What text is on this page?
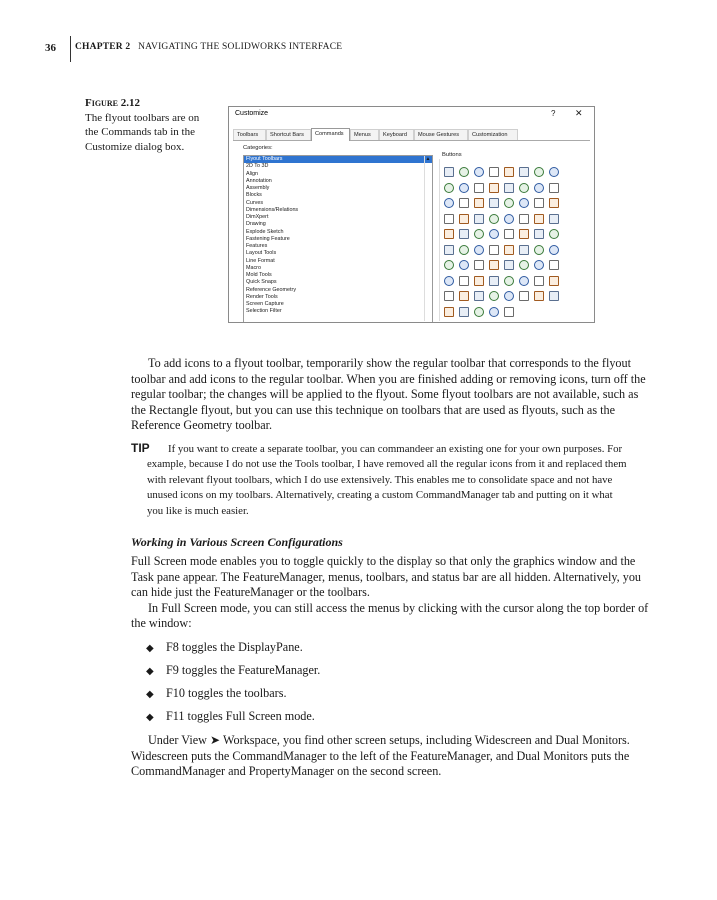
36 CHAPTER 2 NAVIGATING THE SOLIDWORKS INTERFACE
Figure 2.12
The flyout toolbars are on the Commands tab in the Customize dialog box.
Customize	? ✕
Toolbars	Shortcut Bars	Commands	Menus	Keyboard	Mouse Gestures	Customization
Categories:
Flyout Toolbars
2D To 3D
Align
Annotation
Assembly
Blocks
Curves
Dimensions/Relations
DimXpert
Drawing
Explode Sketch
Fastening Feature
Features
Layout Tools
Line Format
Macro
Mold Tools
Quick Snaps
Reference Geometry
Render Tools
Screen Capture
Selection Filter
▲
Buttons

To add icons to a flyout toolbar, temporarily show the regular toolbar that corresponds to the flyout toolbar and add icons to the regular toolbar. When you are finished adding or removing icons, turn off the regular toolbar; the changes will be applied to the flyout. Some flyout toolbars are not available, such as the Rectangle flyout, but you can use this technique on toolbars that are used as flyouts, such as the Reference Geometry toolbar.

TIP	If you want to create a separate toolbar, you can commandeer an existing one for your own purposes. For example, because I do not use the Tools toolbar, I have removed all the regular icons from it and replaced them with relevant flyout toolbars, which I do use extensively. This enables me to consolidate space and not have unused icons on my toolbars. Alternatively, creating a custom CommandManager tab and putting on it what you like is much easier.
Working in Various Screen Configurations

Full Screen mode enables you to toggle quickly to the display so that only the graphics window and the Task pane appear. The FeatureManager, menus, toolbars, and status bar are all hidden. Alternatively, you can hide just the FeatureManager or the toolbars.

In Full Screen mode, you can still access the menus by clicking with the cursor along the top border of the window:

◆ F8 toggles the DisplayPane.
◆ F9 toggles the FeatureManager.
◆ F10 toggles the toolbars.
◆ F11 toggles Full Screen mode.

Under View ➤ Workspace, you find other screen setups, including Widescreen and Dual Monitors. Widescreen puts the CommandManager to the left of the FeatureManager, and Dual Monitors puts the CommandManager and PropertyManager on the second screen.
